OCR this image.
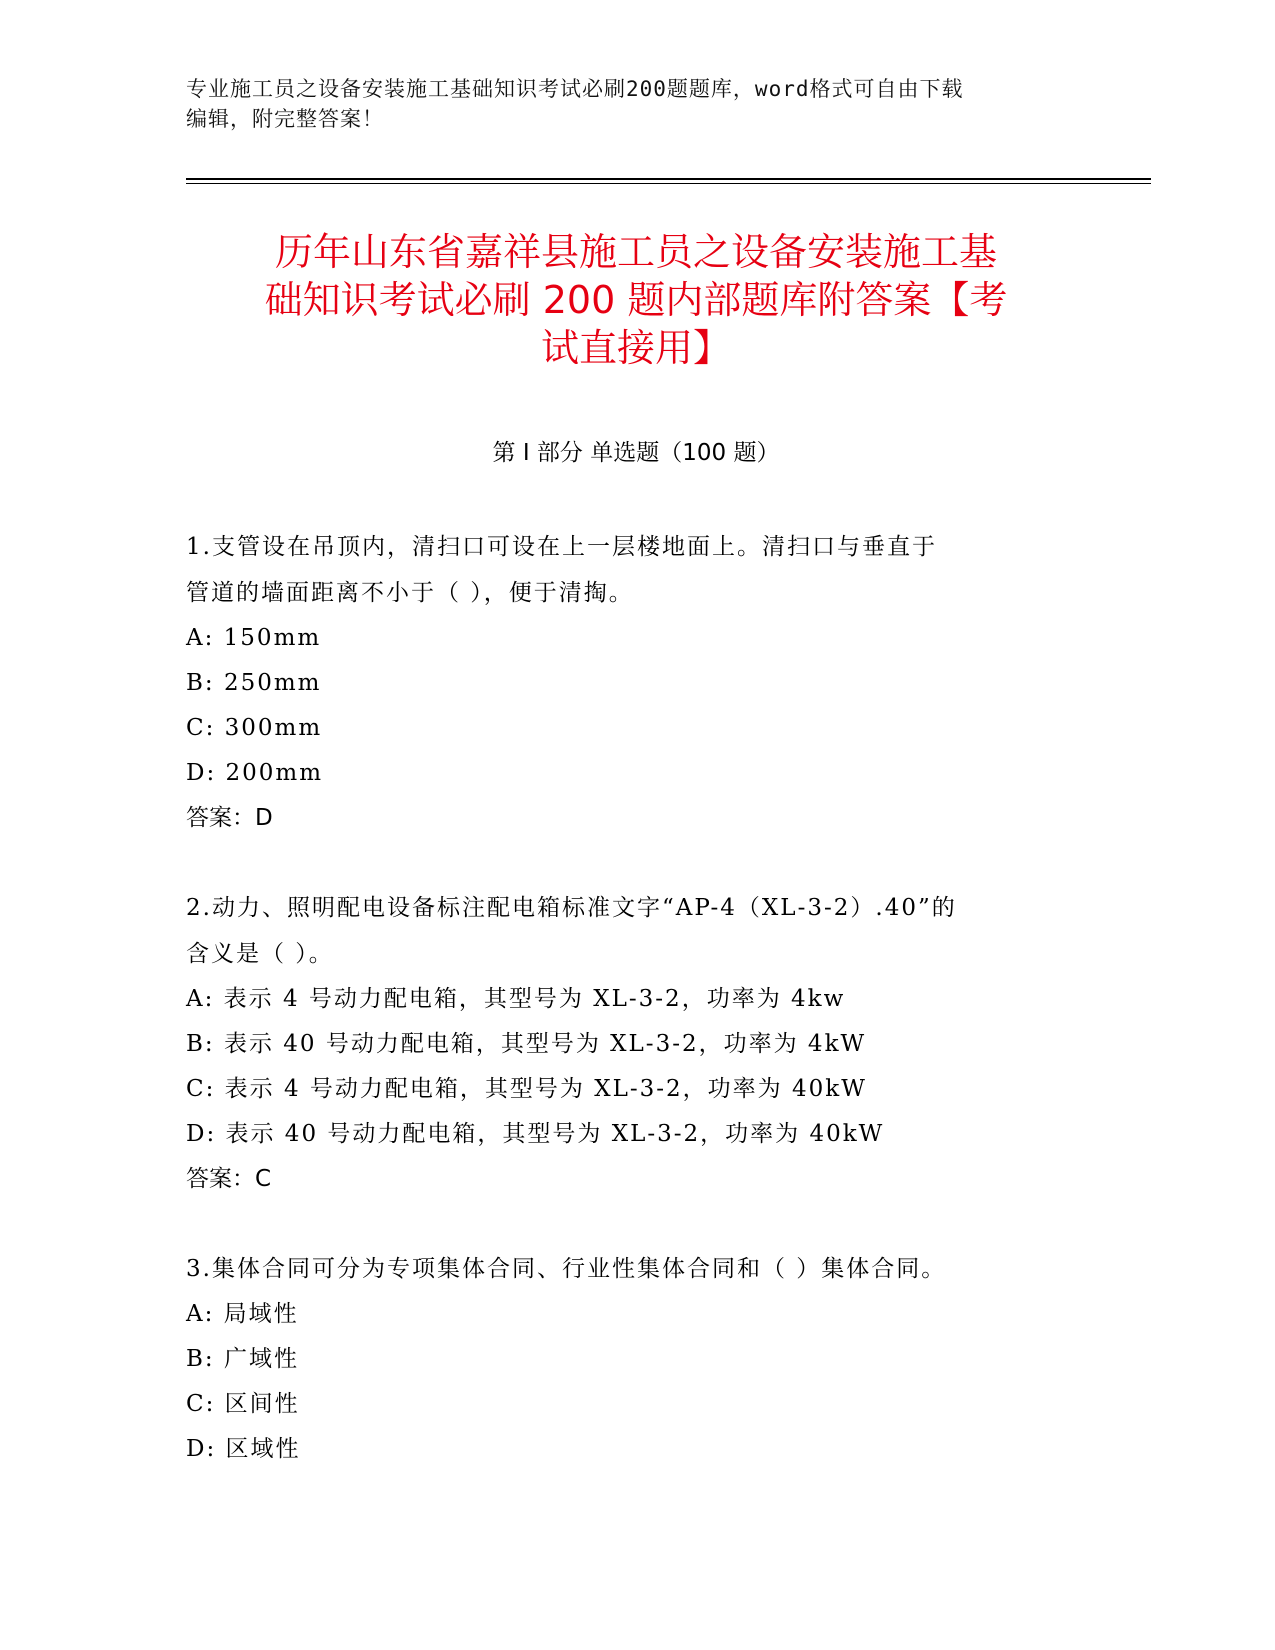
专业施工员之设备安装施工基础知识考试必刷200题题库，word格式可自由下载
编辑，附完整答案！
历年山东省嘉祥县施工员之设备安装施工基
础知识考试必刷 200 题内部题库附答案【考
试直接用】
第 I 部分 单选题（100 题）
1.支管设在吊顶内，清扫口可设在上一层楼地面上。清扫口与垂直于
管道的墙面距离不小于（ ），便于清掏。
A: 150mm
B: 250mm
C: 300mm
D: 200mm
答案：D
2.动力、照明配电设备标注配电箱标准文字“AP-4（XL-3-2）.40”的
含义是（ ）。
A: 表示 4 号动力配电箱，其型号为 XL-3-2，功率为 4kw
B: 表示 40 号动力配电箱，其型号为 XL-3-2，功率为 4kW
C: 表示 4 号动力配电箱，其型号为 XL-3-2，功率为 40kW
D: 表示 40 号动力配电箱，其型号为 XL-3-2，功率为 40kW
答案：C
3.集体合同可分为专项集体合同、行业性集体合同和（ ）集体合同。
A: 局域性
B: 广域性
C: 区间性
D: 区域性
